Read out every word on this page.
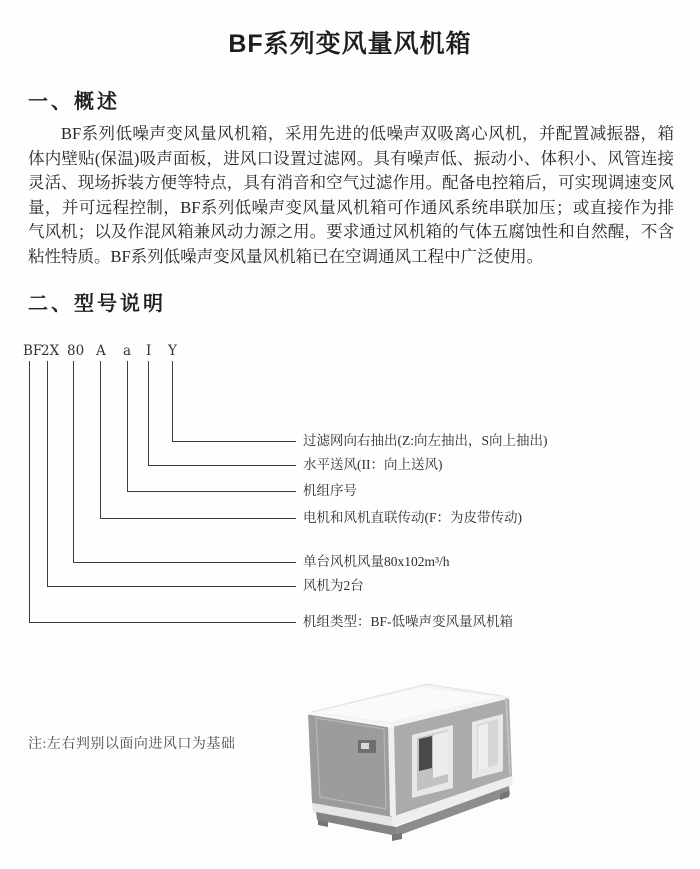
BF系列变风量风机箱
一、概述
BF系列低噪声变风量风机箱，采用先进的低噪声双吸离心风机，并配置减振器，箱体内壁贴(保温)吸声面板，进风口设置过滤网。具有噪声低、振动小、体积小、风管连接灵活、现场拆装方便等特点，具有消音和空气过滤作用。配备电控箱后，可实现调速变风量，并可远程控制，BF系列低噪声变风量风机箱可作通风系统串联加压；或直接作为排气风机；以及作混风箱兼风动力源之用。要求通过风机箱的气体五腐蚀性和自然醒，不含粘性特质。BF系列低噪声变风量风机箱已在空调通风工程中广泛使用。
二、型号说明
BF
2X 80 A a I Y
过滤网向右抽出(Z:向左抽出，S向上抽出)
水平送风(II：向上送风)
机组序号
电机和风机直联传动(F：为皮带传动)
单台风机风量80x102m³/h
风机为2台
机组类型：BF-低噪声变风量风机箱
注:左右判别以面向进风口为基础
